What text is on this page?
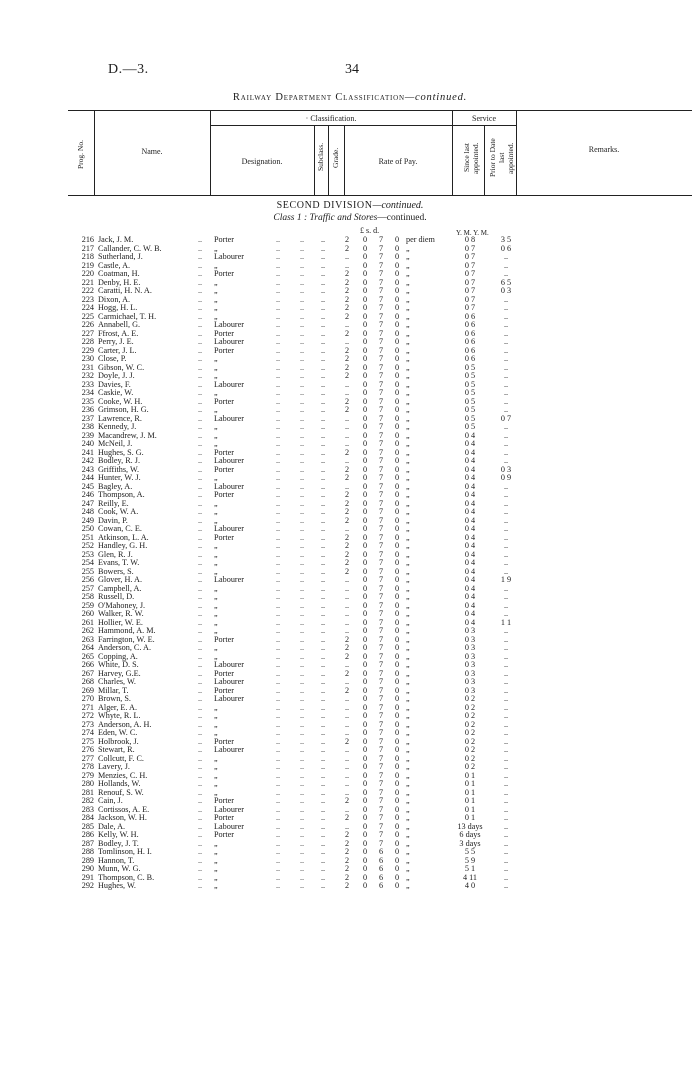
D.—3.	34
Railway Department Classification—continued.
Prog. No.	Name.
· Classification.
Designation.	Subclass. Grade.	Rate of Pay.
Service
Since last
appointed. Prior to Date
last
appointed.	Remarks.
SECOND DIVISION—continued.
Class 1 : Traffic and Stores—continued.
£ s. d.	Y. M. Y. M.
216 Jack, J. M.	Porter	..	2	0	7	0 per diem	0 8	3 5
..	.. ..
217 Callander, C. W. B.	„	..	2	0	7	0 „	0 7	0 6
..	.. ..
218 Sutherland, J.	Labourer	..	..	0	7	0 „	0 7	..
..	.. ..
219 Castle, A.	„	..	..	0	7	0 „	0 7	..
..	.. ..
220 Coatman, H.	Porter	..	2	0	7	0 „	0 7	..
..	.. ..
221 Denby, H. E.	„	..	2	0	7	0 „	0 7	6 5
..	.. ..
222 Caratti, H. N. A.	„	..	2	0	7	0 „	0 7	0 3
..	.. ..
223 Dixon, A.	„	..	2	0	7	0 „	0 7	..
..	.. ..
224 Hogg, H. L.	„	..	2	0	7	0 „	0 7	..
..	.. ..
225 Carmichael, T. H.	„	..	2	0	7	0 „	0 6	..
..	.. ..
226 Annabell, G.	Labourer	..	..	0	7	0 „	0 6	..
..	.. ..
227 Ffrost, A. E.	Porter	..	2	0	7	0 „	0 6	..
..	.. ..
228 Perry, J. E.	Labourer	..	..	0	7	0 „	0 6	..
..	.. ..
229 Carter, J. L.	Porter	..	2	0	7	0 „	0 6	..
..	.. ..
230 Close, P.	„	..	2	0	7	0 „	0 6	..
..	.. ..
231 Gibson, W. C.	„	..	2	0	7	0 „	0 5	..
..	.. ..
232 Doyle, J. J.	„	..	2	0	7	0 „	0 5	..
..	.. ..
233 Davies, F.	Labourer	..	..	0	7	0 „	0 5	..
..	.. ..
234 Caskie, W.	„	..	..	0	7	0 „	0 5	..
..	.. ..
235 Cooke, W. H.	Porter	..	2	0	7	0 „	0 5	..
..	.. ..
236 Grimson, H. G.	„	..	2	0	7	0 „	0 5	..
..	.. ..
237 Lawrence, R.	Labourer	..	..	0	7	0 „	0 5	0 7
..	.. ..
238 Kennedy, J.	„	..	..	0	7	0 „	0 5	..
..	.. ..
239 Macandrew, J. M.	„	..	..	0	7	0 „	0 4	..
..	.. ..
240 McNeil, J.	„	..	..	0	7	0 „	0 4	..
..	.. ..
241 Hughes, S. G.	Porter	..	2	0	7	0 „	0 4	..
..	.. ..
242 Bodley, R. J.	Labourer	..	..	0	7	0 „	0 4	..
..	.. ..
243 Griffiths, W.	Porter	..	2	0	7	0 „	0 4	0 3
..	.. ..
244 Hunter, W. J.	„	..	2	0	7	0 „	0 4	0 9
..	.. ..
245 Bagley, A.	Labourer	..	..	0	7	0 „	0 4	..
..	.. ..
246 Thompson, A.	Porter	..	2	0	7	0 „	0 4	..
..	.. ..
247 Reilly, E.	„	..	2	0	7	0 „	0 4	..
..	.. ..
248 Cook, W. A.	„	..	2	0	7	0 „	0 4	..
..	.. ..
249 Davin, P.	„	..	2	0	7	0 „	0 4	..
..	.. ..
250 Cowan, C. E.	Labourer	..	..	0	7	0 „	0 4	..
..	.. ..
251 Atkinson, L. A.	Porter	..	2	0	7	0 „	0 4	..
..	.. ..
252 Handley, G. H.	„	..	2	0	7	0 „	0 4	..
..	.. ..
253 Glen, R. J.	„	..	2	0	7	0 „	0 4	..
..	.. ..
254 Evans, T. W.	„	..	2	0	7	0 „	0 4	..
..	.. ..
255 Bowers, S.	„	..	2	0	7	0 „	0 4	..
..	.. ..
256 Glover, H. A.	Labourer	..	..	0	7	0 „	0 4	1 9
..	.. ..
257 Campbell, A.	„	..	..	0	7	0 „	0 4	..
..	.. ..
258 Russell, D.	„	..	..	0	7	0 „	0 4	..
..	.. ..
259 O'Mahoney, J.	„	..	..	0	7	0 „	0 4	..
..	.. ..
260 Walker, R. W.	„	..	..	0	7	0 „	0 4	..
..	.. ..
261 Hollier, W. E.	„	..	..	0	7	0 „	0 4	1 1
..	.. ..
262 Hammond, A. M.	„	..	..	0	7	0 „	0 3	..
..	.. ..
263 Farrington, W. E.	Porter	..	2	0	7	0 „	0 3	..
..	.. ..
264 Anderson, C. A.	„	..	2	0	7	0 „	0 3	..
..	.. ..
265 Copping, A.	„	..	2	0	7	0 „	0 3	..
..	.. ..
266 White, D. S.	Labourer	..	..	0	7	0 „	0 3	..
..	.. ..
267 Harvey, G.E.	Porter	..	2	0	7	0 „	0 3	..
..	.. ..
268 Charles, W.	Labourer	..	..	0	7	0 „	0 3	..
..	.. ..
269 Millar, T.	Porter	..	2	0	7	0 „	0 3	..
..	.. ..
270 Brown, S.	Labourer	..	..	0	7	0 „	0 2	..
..	.. ..
271 Alger, E. A.	„	..	..	0	7	0 „	0 2	..
..	.. ..
272 Whyte, R. L.	„	..	..	0	7	0 „	0 2	..
..	.. ..
273 Anderson, A. H.	„	..	..	0	7	0 „	0 2	..
..	.. ..
274 Eden, W. C.	„	..	..	0	7	0 „	0 2	..
..	.. ..
275 Holbrook, J.	Porter	..	2	0	7	0 „	0 2	..
..	.. ..
276 Stewart, R.	Labourer	..	..	0	7	0 „	0 2	..
..	.. ..
277 Collcutt, F. C.	„	..	..	0	7	0 „	0 2	..
..	.. ..
278 Lavery, J.	„	..	..	0	7	0 „	0 2	..
..	.. ..
279 Menzies, C. H.	„	..	..	0	7	0 „	0 1	..
..	.. ..
280 Hollands, W.	„	..	..	0	7	0 „	0 1	..
..	.. ..
281 Renouf, S. W.	„	..	..	0	7	0 „	0 1	..
..	.. ..
282 Cain, J.	Porter	..	2	0	7	0 „	0 1	..
..	.. ..
283 Cortissos, A. E.	Labourer	..	..	0	7	0 „	0 1	..
..	.. ..
284 Jackson, W. H.	Porter	..	2	0	7	0 „	0 1	..
..	.. ..
285 Dale, A.	Labourer	..	..	0	7	0 „	13 days	..
..	.. ..
286 Kelly, W. H.	Porter	..	2	0	7	0 „	6 days	..
..	.. ..
287 Bodley, J. T.	„	..	2	0	7	0 „	3 days	..
..	.. ..
288 Tomlinson, H. I.	„	..	2	0	6	0 „	5 5	..
..	.. ..
289 Hannon, T.	„	..	2	0	6	0 „	5 9	..
..	.. ..
290 Munn, W. G.	„	..	2	0	6	0 „	5 1	..
..	.. ..
291 Thompson, C. B.	„	..	2	0	6	0 „	4 11	..
..	.. ..
292 Hughes, W.	„	..	2	0	6	0 „	4 0	..
..	.. ..
